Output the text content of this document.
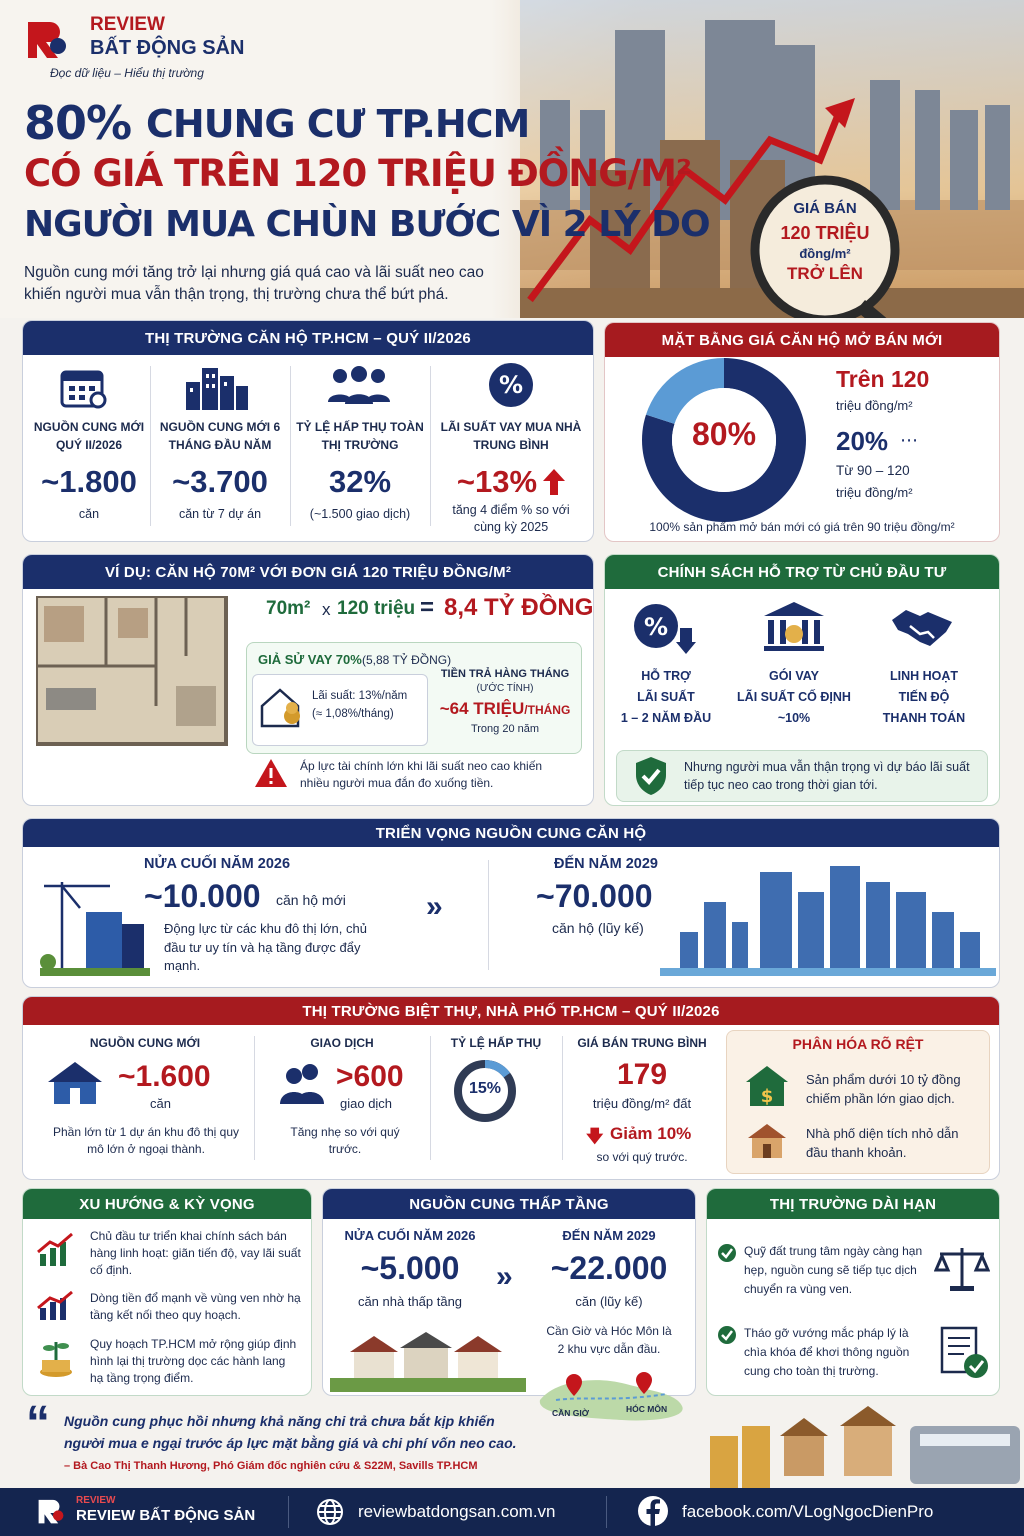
REVIEW
BẤT ĐỘNG SẢN
Đọc dữ liệu – Hiểu thị trường
80% CHUNG CƯ TP.HCM
CÓ GIÁ TRÊN 120 TRIỆU ĐỒNG/M²
NGƯỜI MUA CHÙN BƯỚC VÌ 2 LÝ DO
Nguồn cung mới tăng trở lại nhưng giá quá cao và lãi suất neo cao khiến người mua vẫn thận trọng, thị trường chưa thể bứt phá.
GIÁ BÁN
120 TRIỆU
đồng/m²
TRỞ LÊN
THỊ TRƯỜNG CĂN HỘ TP.HCM – QUÝ II/2026
%
NGUỒN CUNG MỚI QUÝ II/2026
~1.800
căn
NGUỒN CUNG MỚI 6 THÁNG ĐẦU NĂM
~3.700
căn từ 7 dự án
TỶ LỆ HẤP THỤ TOÀN THỊ TRƯỜNG
32%
(~1.500 giao dịch)
LÃI SUẤT VAY MUA NHÀ TRUNG BÌNH
~13%
tăng 4 điểm % so với cùng kỳ 2025
MẶT BẰNG GIÁ CĂN HỘ MỞ BÁN MỚI
80%
Trên 120
triệu đồng/m²
20% ⋯
Từ 90 – 120
triệu đồng/m²
100% sản phẩm mở bán mới có giá trên 90 triệu đồng/m²
VÍ DỤ: CĂN HỘ 70M² VỚI ĐƠN GIÁ 120 TRIỆU ĐỒNG/M²
70m² x 120 triệu = 8,4 TỶ ĐỒNG
GIẢ SỬ VAY 70% (5,88 TỶ ĐỒNG)
Lãi suất: 13%/năm
(≈ 1,08%/tháng)
TIỀN TRẢ HÀNG THÁNG
(ƯỚC TÍNH)
~64 TRIỆU/THÁNG
Trong 20 năm
Áp lực tài chính lớn khi lãi suất neo cao khiến nhiều người mua đắn đo xuống tiền.
CHÍNH SÁCH HỖ TRỢ TỪ CHỦ ĐẦU TƯ
%
HỖ TRỢ
LÃI SUẤT
1 – 2 NĂM ĐẦU
GÓI VAY
LÃI SUẤT CỐ ĐỊNH
~10%
LINH HOẠT
TIẾN ĐỘ
THANH TOÁN
Nhưng người mua vẫn thận trọng vì dự báo lãi suất tiếp tục neo cao trong thời gian tới.
TRIỂN VỌNG NGUỒN CUNG CĂN HỘ
NỬA CUỐI NĂM 2026
~10.000 căn hộ mới
Động lực từ các khu đô thị lớn, chủ đầu tư uy tín và hạ tầng được đẩy mạnh.
»
ĐẾN NĂM 2029
~70.000
căn hộ (lũy kế)
THỊ TRƯỜNG BIỆT THỰ, NHÀ PHỐ TP.HCM – QUÝ II/2026
NGUỒN CUNG MỚI
~1.600
căn
Phần lớn từ 1 dự án khu đô thị quy mô lớn ở ngoại thành.
GIAO DỊCH
>600
giao dịch
Tăng nhẹ so với quý trước.
TỶ LỆ HẤP THỤ
15%
GIÁ BÁN TRUNG BÌNH
179
triệu đồng/m² đất
🡇 Giảm 10%
so với quý trước.
PHÂN HÓA RÕ RỆT
$
Sản phẩm dưới 10 tỷ đồng chiếm phần lớn giao dịch.
Nhà phố diện tích nhỏ dẫn đầu thanh khoản.
XU HƯỚNG & KỲ VỌNG
Chủ đầu tư triển khai chính sách bán hàng linh hoạt: giãn tiến độ, vay lãi suất cố định.
Dòng tiền đổ mạnh về vùng ven nhờ hạ tầng kết nối theo quy hoạch.
Quy hoạch TP.HCM mở rộng giúp định hình lại thị trường dọc các hành lang hạ tầng trọng điểm.
NGUỒN CUNG THẤP TẦNG
NỬA CUỐI NĂM 2026
~5.000
căn nhà thấp tầng
»
ĐẾN NĂM 2029
~22.000
căn (lũy kế)
Cần Giờ và Hóc Môn là 2 khu vực dẫn đầu.
CẦN GIỜ	HÓC MÔN
THỊ TRƯỜNG DÀI HẠN
Quỹ đất trung tâm ngày càng hạn hẹp, nguồn cung sẽ tiếp tục dịch chuyển ra vùng ven.
Tháo gỡ vướng mắc pháp lý là chìa khóa để khơi thông nguồn cung cho toàn thị trường.
“ Nguồn cung phục hồi nhưng khả năng chi trả chưa bắt kịp khiến người mua e ngại trước áp lực mặt bằng giá và chi phí vốn neo cao.
– Bà Cao Thị Thanh Hương, Phó Giám đốc nghiên cứu & S22M, Savills TP.HCM
REVIEW
REVIEW BẤT ĐỘNG SẢN	reviewbatdongsan.com.vn	facebook.com/VLogNgocDienPro
